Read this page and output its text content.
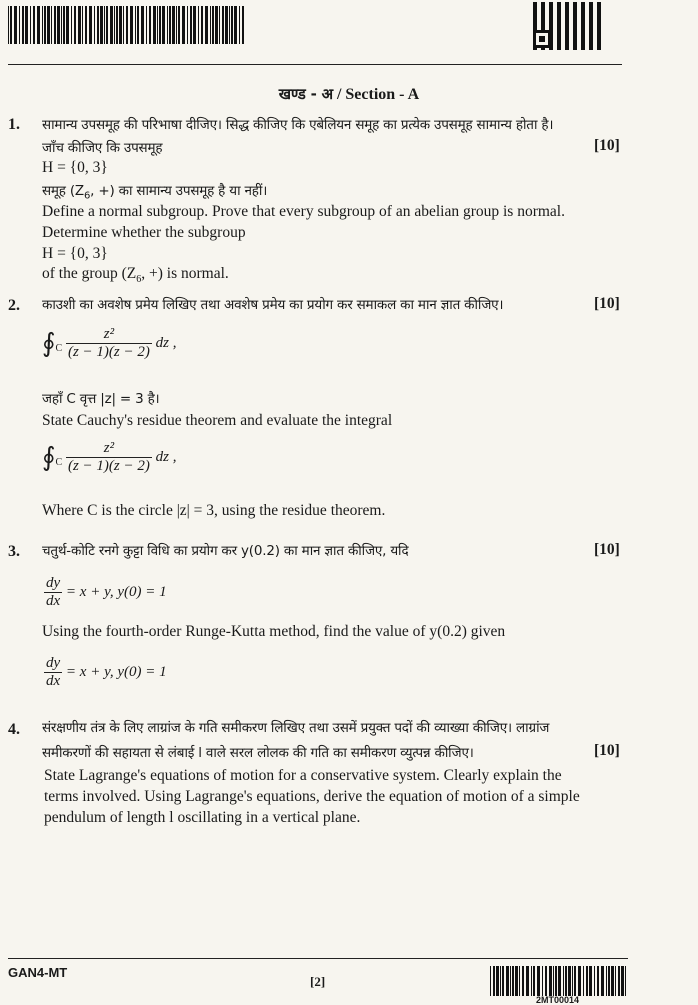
खण्ड - अ / Section - A
1. सामान्य उपसमूह की परिभाषा दीजिए। सिद्ध कीजिए कि एबेलियन समूह का प्रत्येक उपसमूह सामान्य होता है।
जाँच कीजिए कि उपसमूह	[10]
H = {0, 3}
समूह ($Z_6$, +) का सामान्य उपसमूह है या नहीं।
Define a normal subgroup. Prove that every subgroup of an abelian group is normal.
Determine whether the subgroup
H = {0, 3}
of the group ($Z_6$, +) is normal.
2. काउशी का अवशेष प्रमेय लिखिए तथा अवशेष प्रमेय का प्रयोग कर समाकल का मान ज्ञात कीजिए।	[10]
$∮_C \frac{\text{z²}}{(z - 1)(z - 2)}$ dz ,
जहाँ C वृत्त |z| = 3 है।
State Cauchy's residue theorem and evaluate the integral
$∮_C \frac{\text{z²}}{(z - 1)(z - 2)}$ dz ,
Where C is the circle |z| = 3, using the residue theorem.
3. चतुर्थ-कोटि रनगे कुट्टा विधि का प्रयोग कर y(0.2) का मान ज्ञात कीजिए, यदि	[10]
$\frac{dy}{dx} = x + y$, y(0) = 1
Using the fourth-order Runge-Kutta method, find the value of y(0.2) given
$\frac{dy}{dx} = x + y$, y(0) = 1
4. संरक्षणीय तंत्र के लिए लाग्रांज के गति समीकरण लिखिए तथा उसमें प्रयुक्त पदों की व्याख्या कीजिए। लाग्रांज
समीकरणों की सहायता से लंबाई l वाले सरल लोलक की गति का समीकरण व्युत्पन्न कीजिए।	[10]
State Lagrange's equations of motion for a conservative system. Clearly explain the
terms involved. Using Lagrange's equations, derive the equation of motion of a simple
pendulum of length l oscillating in a vertical plane.
GAN4-MT
[2]
2MT00014
